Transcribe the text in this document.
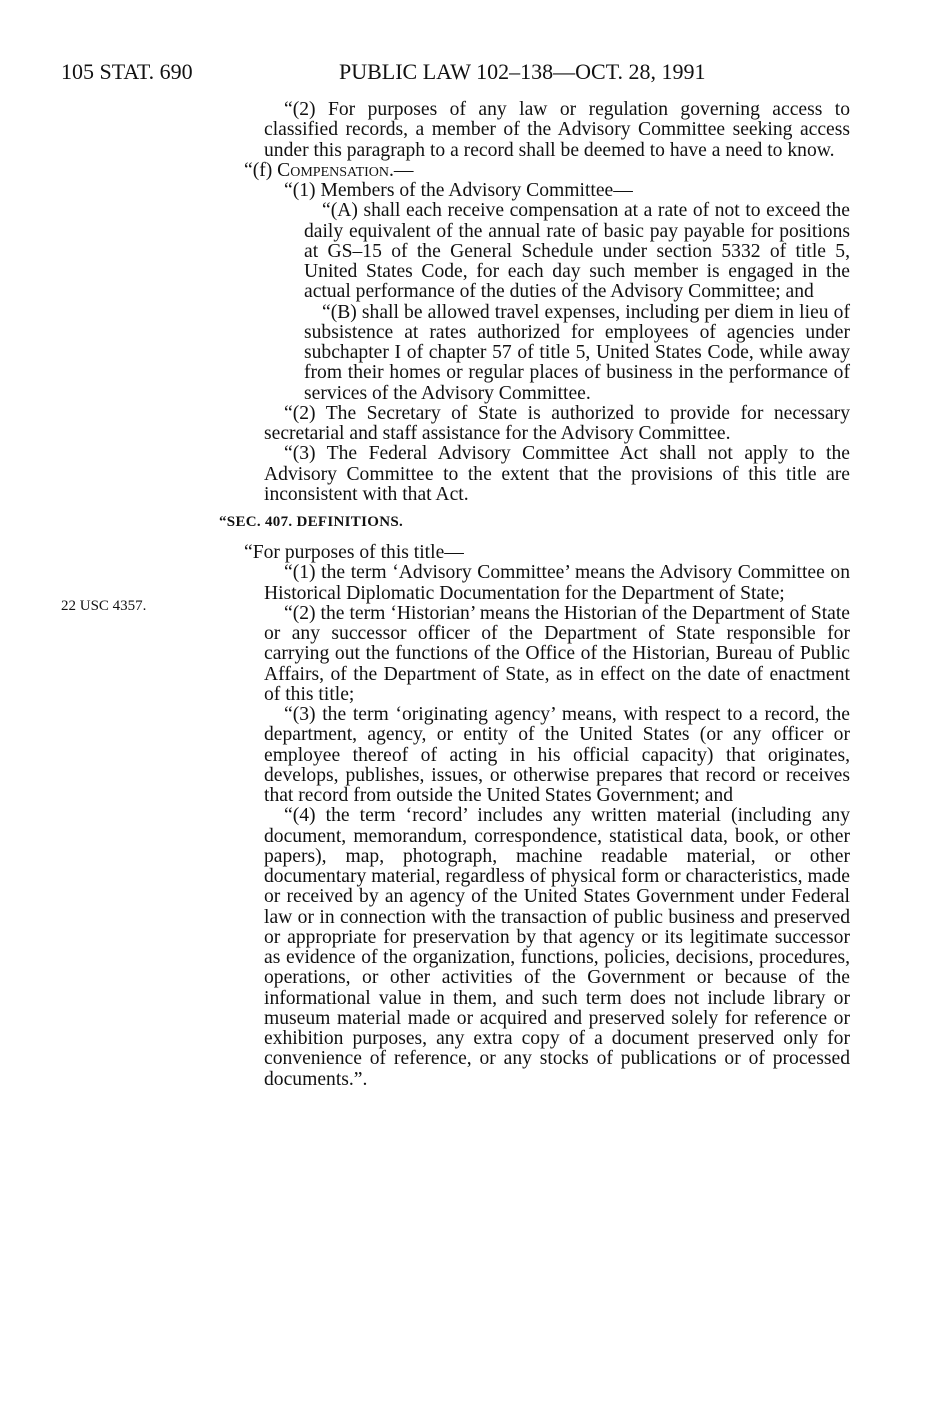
105 STAT. 690	PUBLIC LAW 102–138—OCT. 28, 1991
22 USC 4357.

“(2) For purposes of any law or regulation governing access to classified records, a member of the Advisory Committee seeking access under this paragraph to a record shall be deemed to have a need to know.

“(f) Compensation.—

“(1) Members of the Advisory Committee—

“(A) shall each receive compensation at a rate of not to exceed the daily equivalent of the annual rate of basic pay payable for positions at GS–15 of the General Schedule under section 5332 of title 5, United States Code, for each day such member is engaged in the actual performance of the duties of the Advisory Committee; and

“(B) shall be allowed travel expenses, including per diem in lieu of subsistence at rates authorized for employees of agencies under subchapter I of chapter 57 of title 5, United States Code, while away from their homes or regular places of business in the performance of services of the Advisory Committee.

“(2) The Secretary of State is authorized to provide for necessary secretarial and staff assistance for the Advisory Committee.

“(3) The Federal Advisory Committee Act shall not apply to the Advisory Committee to the extent that the provisions of this title are inconsistent with that Act.

“SEC. 407. DEFINITIONS.

“For purposes of this title—

“(1) the term ‘Advisory Committee’ means the Advisory Committee on Historical Diplomatic Documentation for the Department of State;

“(2) the term ‘Historian’ means the Historian of the Department of State or any successor officer of the Department of State responsible for carrying out the functions of the Office of the Historian, Bureau of Public Affairs, of the Department of State, as in effect on the date of enactment of this title;

“(3) the term ‘originating agency’ means, with respect to a record, the department, agency, or entity of the United States (or any officer or employee thereof of acting in his official capacity) that originates, develops, publishes, issues, or otherwise prepares that record or receives that record from outside the United States Government; and

“(4) the term ‘record’ includes any written material (including any document, memorandum, correspondence, statistical data, book, or other papers), map, photograph, machine readable material, or other documentary material, regardless of physical form or characteristics, made or received by an agency of the United States Government under Federal law or in connection with the transaction of public business and preserved or appropriate for preservation by that agency or its legitimate successor as evidence of the organization, functions, policies, decisions, procedures, operations, or other activities of the Government or because of the informational value in them, and such term does not include library or museum material made or acquired and preserved solely for reference or exhibition purposes, any extra copy of a document preserved only for convenience of reference, or any stocks of publications or of processed documents.”.
